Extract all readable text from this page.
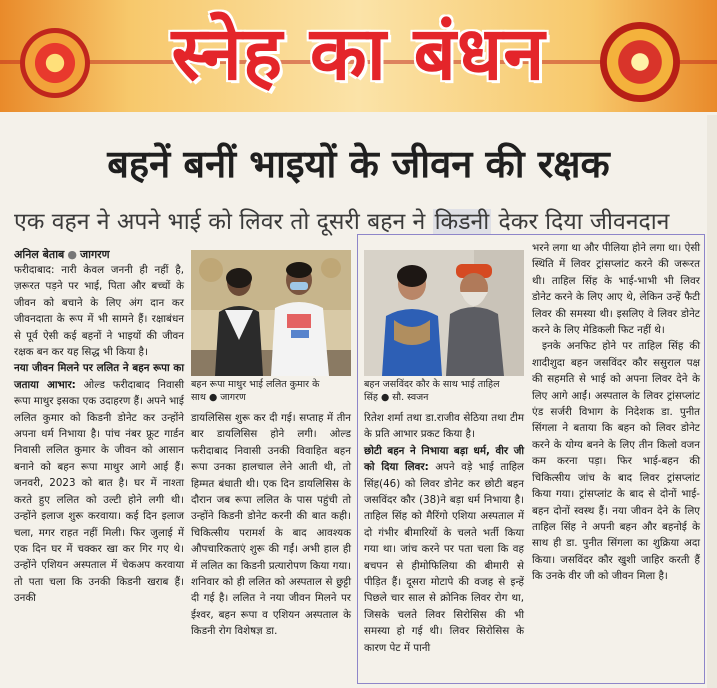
स्नेह का बंधन
बहनें बनीं भाइयों के जीवन की रक्षक
एक वहन ने अपने भाई को लिवर तो दूसरी बहन ने किडनी देकर दिया जीवनदान
अनिल बेताब ● जागरण

फरीदाबाद: नारी केवल जननी ही नहीं है, ज़रूरत पड़ने पर भाई, पिता और बच्चों के जीवन को बचाने के लिए अंग दान कर जीवनदाता के रूप में भी सामने हैं। रक्षाबंधन से पूर्व ऐसी कई बहनों ने भाइयों की जीवन रक्षक बन कर यह सिद्ध भी किया है।

नया जीवन मिलने पर ललित ने बहन रूपा का जताया आभार: ओल्ड फरीदाबाद निवासी रूपा माथुर इसका एक उदाहरण हैं। अपने भाई ललित कुमार को किडनी डोनेट कर उन्होंने अपना धर्म निभाया है। पांच नंबर फ्रूट गार्डन निवासी ललित कुमार के जीवन को आसान बनाने को बहन रूपा माथुर आगे आई हैं। जनवरी, 2023 को बात है। घर में नाश्ता करते हुए ललित को उल्टी होने लगी थी। उन्होंने इलाज शुरू करवाया। कई दिन इलाज चला, मगर राहत नहीं मिली। फिर जुलाई में एक दिन घर में चक्कर खा कर गिर गए थे। उन्होंने एशियन अस्पताल में चेकअप करवाया तो पता चला कि उनकी किडनी खराब हैं। उनकी

बहन रूपा माथुर भाई ललित कुमार के साथ ● जागरण

डायलिसिस शुरू कर दी गई। सप्ताह में तीन बार डायलिसिस होने लगी। ओल्ड फरीदाबाद निवासी उनकी विवाहित बहन रूपा उनका हालचाल लेने आती थी, तो हिम्मत बंधाती थी। एक दिन डायलिसिस के दौरान जब रूपा ललित के पास पहुंची तो उन्होंने किडनी डोनेट करनी की बात कही। चिकित्सीय परामर्श के बाद आवश्यक औपचारिकताएं शुरू की गईं। अभी हाल ही में ललित का किडनी प्रत्यारोपण किया गया। शनिवार को ही ललित को अस्पताल से छुट्टी दी गई है। ललित ने नया जीवन मिलने पर ईश्वर, बहन रूपा व एशियन अस्पताल के किडनी रोग विशेषज्ञ डा.

बहन जसविंदर कौर के साथ भाई ताहिल सिंह ● सौ. स्वजन

रितेश शर्मा तथा डा.राजीव सेठिया तथा टीम के प्रति आभार प्रकट किया है।

छोटी बहन ने निभाया बड़ा धर्म, वीर जी को दिया लिवर: अपने वड़े भाई ताहिल सिंह(46) को लिवर डोनेट कर छोटी बहन जसविंदर कौर (38)ने बड़ा धर्म निभाया है। ताहिल सिंह को मैरिंगो एशिया अस्पताल में दो गंभीर बीमारियों के चलते भर्ती किया गया था। जांच करने पर पता चला कि वह बचपन से हीमोफिलिया की बीमारी से पीड़ित हैं। दूसरा मोटापे की वजह से इन्हें पिछले चार साल से क्रोनिक लिवर रोग था, जिसके चलते लिवर सिरोसिस की भी समस्या हो गई थी। लिवर सिरोसिस के कारण पेट में पानी

भरने लगा था और पीलिया होने लगा था। ऐसी स्थिति में लिवर ट्रांसप्लांट करने की जरूरत थी। ताहिल सिंह के भाई-भाभी भी लिवर डोनेट करने के लिए आए थे, लेकिन उन्हें फैटी लिवर की समस्या थी। इसलिए वे लिवर डोनेट करने के लिए मेडिकली फिट नहीं थे।

इनके अनफिट होने पर ताहिल सिंह की शादीशुदा बहन जसविंदर कौर ससुराल पक्ष की सहमति से भाई को अपना लिवर देने के लिए आगे आईं। अस्पताल के लिवर ट्रांसप्लांट एंड सर्जरी विभाग के निदेशक डा. पुनीत सिंगला ने बताया कि बहन को लिवर डोनेट करने के योग्य बनने के लिए तीन किलो वजन कम करना पड़ा। फिर भाई-बहन की चिकित्सीय जांच के बाद लिवर ट्रांसप्लांट किया गया। ट्रांसप्लांट के बाद से दोनों भाई-बहन दोनों स्वस्थ हैं। नया जीवन देने के लिए ताहिल सिंह ने अपनी बहन और बहनोई के साथ ही डा. पुनीत सिंगला का शुक्रिया अदा किया। जसविंदर कौर खुशी जाहिर करती हैं कि उनके वीर जी को जीवन मिला है।
